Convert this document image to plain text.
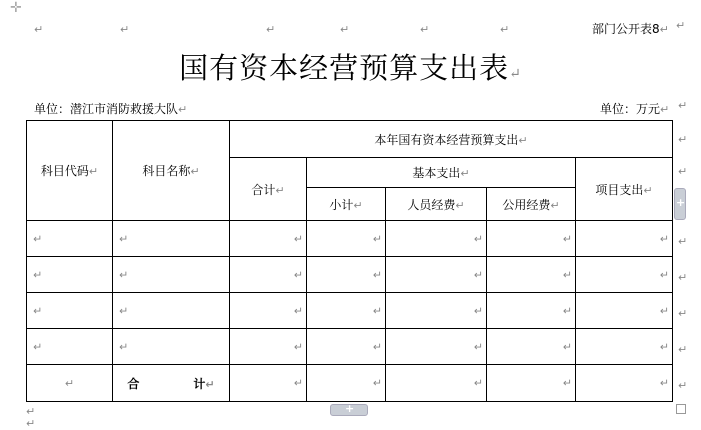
✛
↵	↵	↵	↵	↵	↵	部门公开表8↵
国有资本经营预算支出表↵
单位：潜江市消防救援大队↵	单位：万元↵
科目代码↵	科目名称↵	本年国有资本经营预算支出↵				
		合计↵	基本支出↵			项目支出↵
			小计↵	人员经费↵	公用经费↵	

↵	↵	↵	↵	↵	↵	↵

↵	↵	↵	↵	↵	↵	↵

↵	↵	↵	↵	↵	↵	↵

↵	↵	↵	↵	↵	↵	↵

↵	合 计↵	↵	↵	↵	↵	↵
↵
↵
↵
↵
↵
↵
↵
↵
↵
+
+
↵
↵
